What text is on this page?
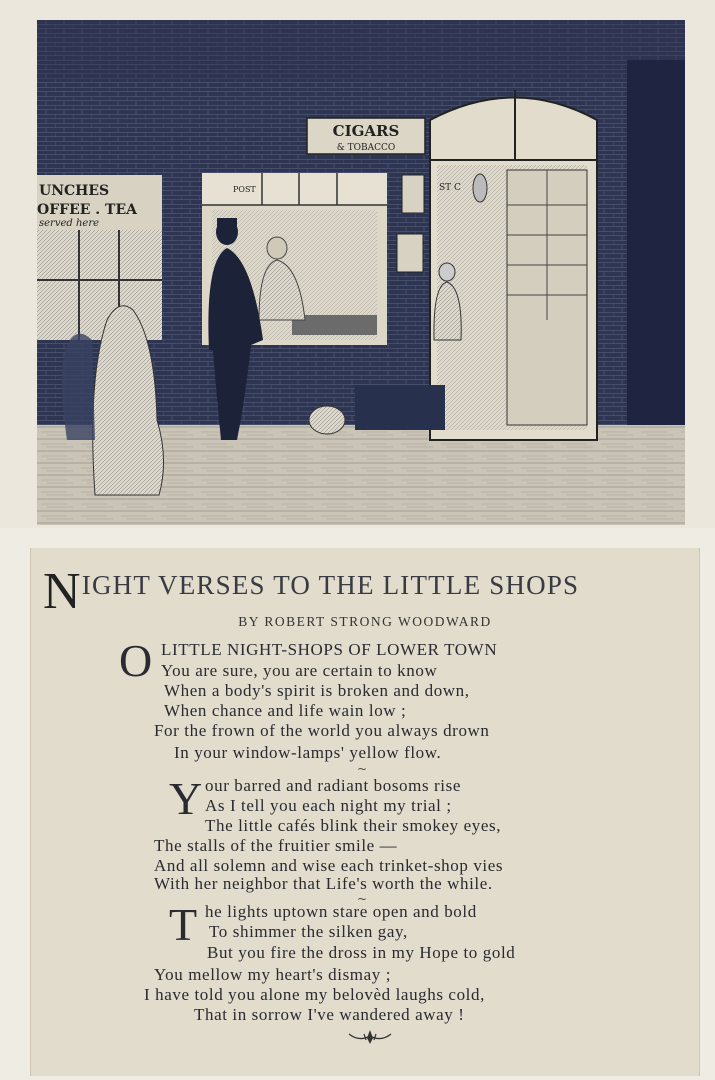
UNCHES
OFFEE . TEA
served here
POST
CIGARS
& TOBACCO
ST C
NIGHT VERSES TO THE LITTLE SHOPS
BY ROBERT STRONG WOODWARD
O LITTLE NIGHT-SHOPS OF LOWER TOWN
You are sure, you are certain to know
When a body's spirit is broken and down,
When chance and life wain low ;
For the frown of the world you always drown
In your window-lamps' yellow flow.
~
Y our barred and radiant bosoms rise
As I tell you each night my trial ;
The little cafés blink their smokey eyes,
The stalls of the fruitier smile —
And all solemn and wise each trinket-shop vies
With her neighbor that Life's worth the while.
~
T he lights uptown stare open and bold
To shimmer the silken gay,
But you fire the dross in my Hope to gold
You mellow my heart's dismay ;
I have told you alone my belovèd laughs cold,
That in sorrow I've wandered away !
